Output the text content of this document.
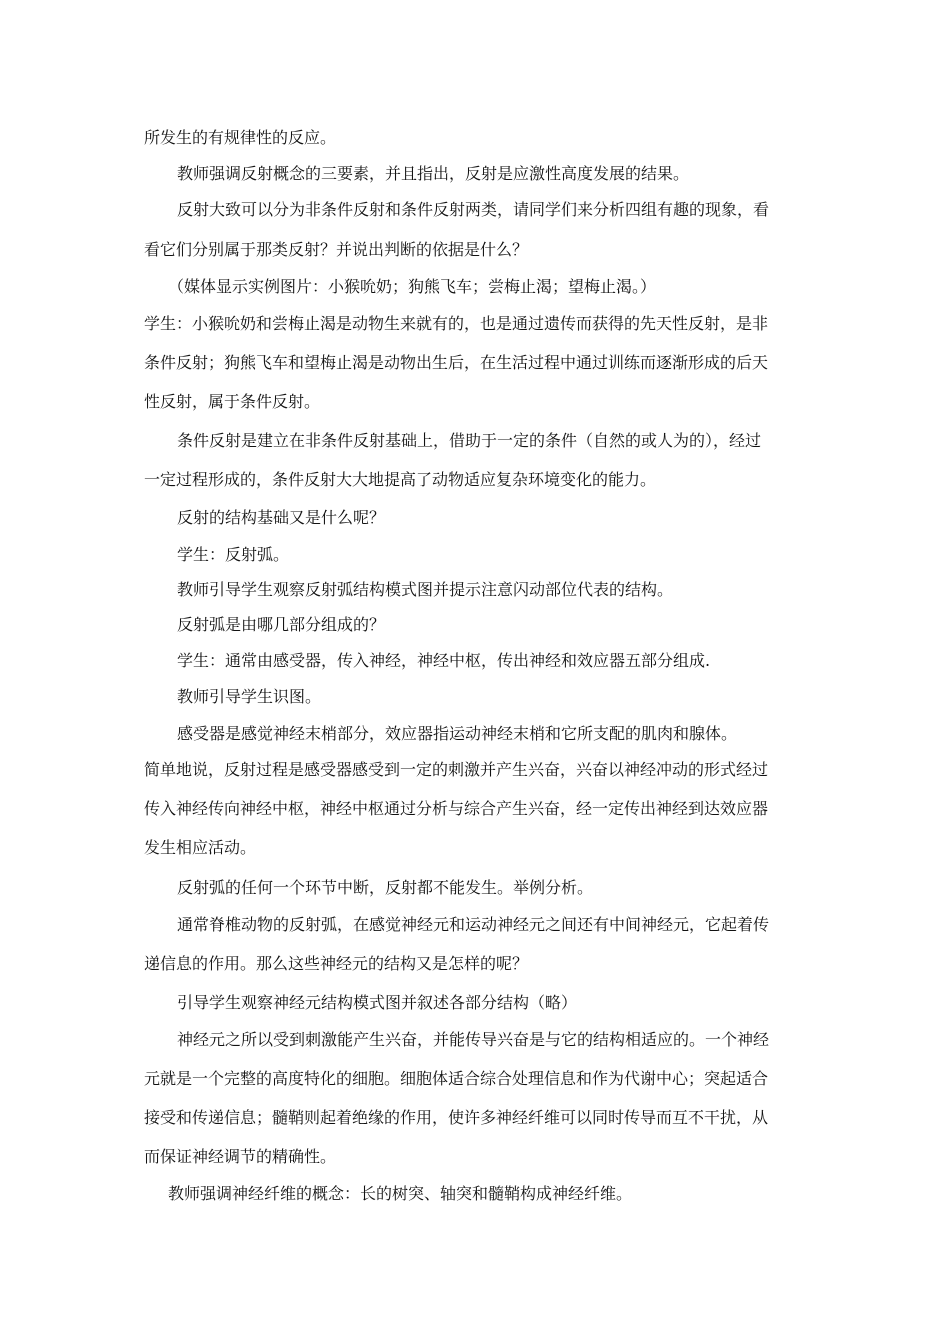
所发生的有规律性的反应。
教师强调反射概念的三要素，并且指出，反射是应激性高度发展的结果。
反射大致可以分为非条件反射和条件反射两类，请同学们来分析四组有趣的现象，看
看它们分别属于那类反射？并说出判断的依据是什么？
（媒体显示实例图片：小猴吮奶；狗熊飞车；尝梅止渴；望梅止渴。）
学生：小猴吮奶和尝梅止渴是动物生来就有的，也是通过遗传而获得的先天性反射，是非
条件反射；狗熊飞车和望梅止渴是动物出生后，在生活过程中通过训练而逐渐形成的后天
性反射，属于条件反射。
条件反射是建立在非条件反射基础上，借助于一定的条件（自然的或人为的），经过
一定过程形成的，条件反射大大地提高了动物适应复杂环境变化的能力。
反射的结构基础又是什么呢？
学生：反射弧。
教师引导学生观察反射弧结构模式图并提示注意闪动部位代表的结构。
反射弧是由哪几部分组成的？
学生：通常由感受器，传入神经，神经中枢，传出神经和效应器五部分组成.
教师引导学生识图。
感受器是感觉神经末梢部分，效应器指运动神经末梢和它所支配的肌肉和腺体。
简单地说，反射过程是感受器感受到一定的刺激并产生兴奋，兴奋以神经冲动的形式经过
传入神经传向神经中枢，神经中枢通过分析与综合产生兴奋，经一定传出神经到达效应器
发生相应活动。
反射弧的任何一个环节中断，反射都不能发生。举例分析。
通常脊椎动物的反射弧，在感觉神经元和运动神经元之间还有中间神经元，它起着传
递信息的作用。那么这些神经元的结构又是怎样的呢？
引导学生观察神经元结构模式图并叙述各部分结构（略）
神经元之所以受到刺激能产生兴奋，并能传导兴奋是与它的结构相适应的。一个神经
元就是一个完整的高度特化的细胞。细胞体适合综合处理信息和作为代谢中心；突起适合
接受和传递信息；髓鞘则起着绝缘的作用，使许多神经纤维可以同时传导而互不干扰，从
而保证神经调节的精确性。
教师强调神经纤维的概念：长的树突、轴突和髓鞘构成神经纤维。
